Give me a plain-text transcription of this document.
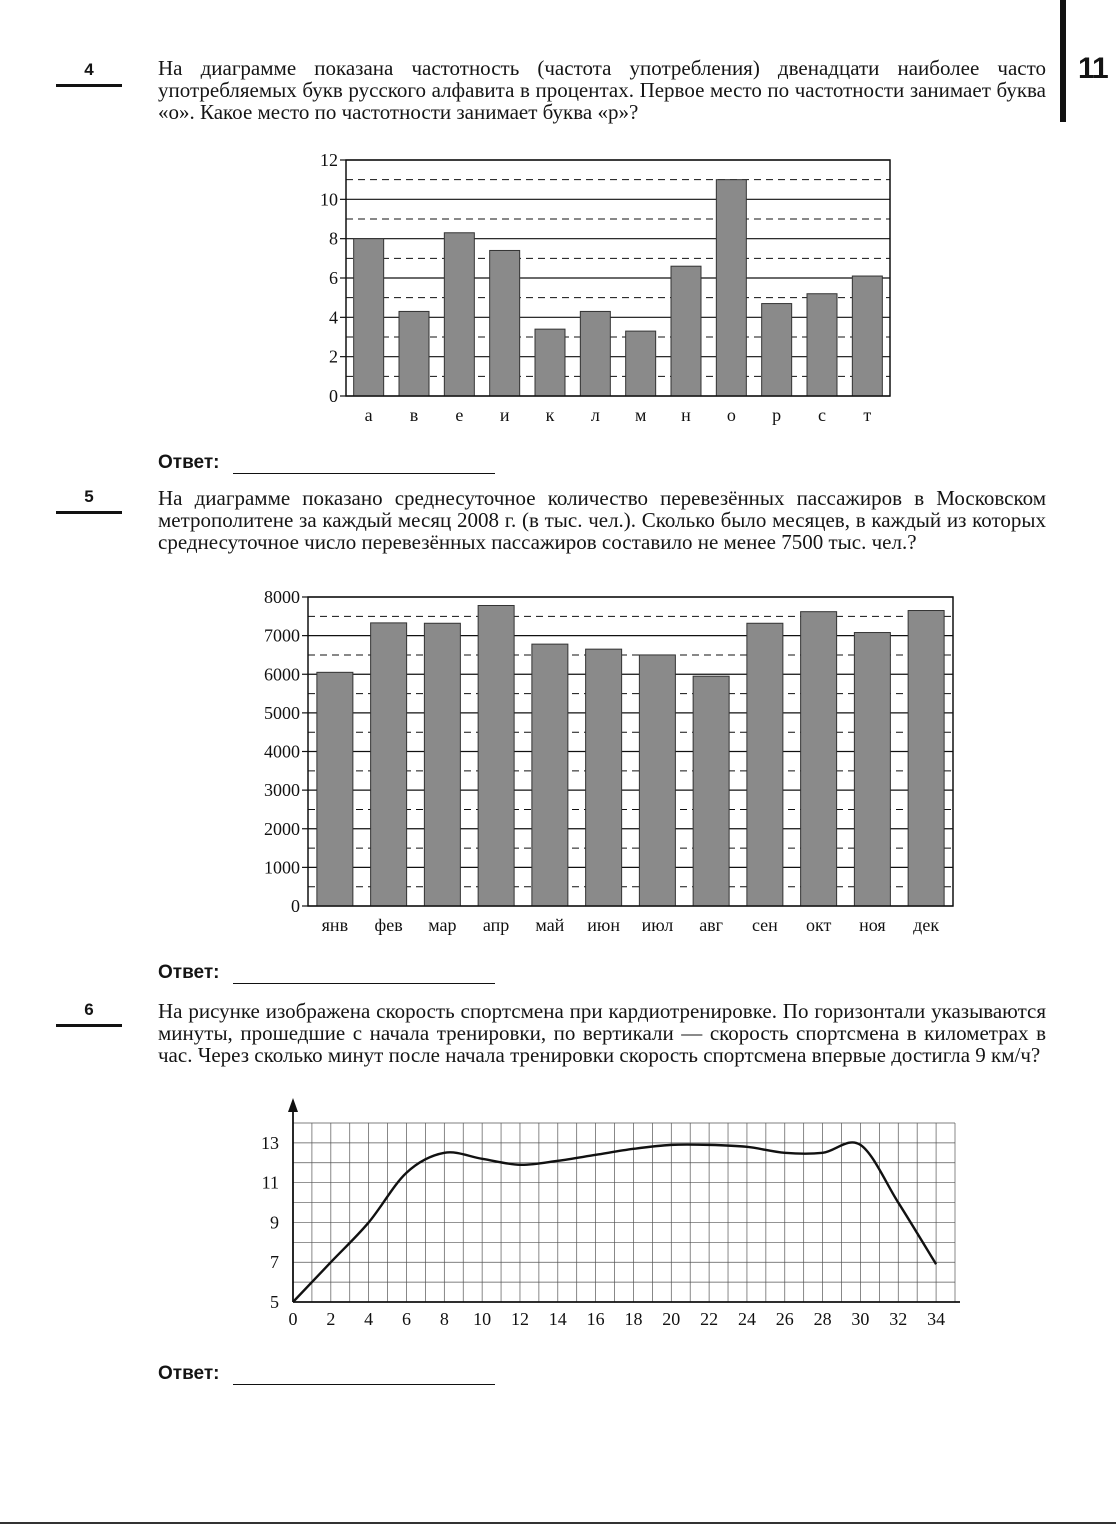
11
4	На диаграмме показана частотность (частота употребления) двенадцати наиболее часто употребляемых букв русского алфавита в процентах. Первое место по частотности занимает буква «о». Какое место по частотности занимает буква «р»?

0
2
4
6
8
10
12
а в е и к л м н о р с т
Ответ:
5	На диаграмме показано среднесуточное количество перевезённых пассажиров в Московском метрополитене за каждый месяц 2008 г. (в тыс. чел.). Сколько было месяцев, в каждый из которых среднесуточное число перевезённых пассажиров составило не менее 7500 тыс. чел.?

0
1000
2000
3000
4000
5000
6000
7000
8000
янв фев мар апр май июн июл авг сен окт ноя дек
Ответ:
6	На рисунке изображена скорость спортсмена при кардиотренировке. По горизонтали указываются минуты, прошедшие с начала тренировки, по вертикали — скорость спортсмена в километрах в час. Через сколько минут после начала тренировки скорость спортсмена впервые достигла 9 км/ч?

0 2 4 6 8 10 12 14 16 18 20 22 24 26 28 30 32 34
5
7
9
11
13
Ответ:
